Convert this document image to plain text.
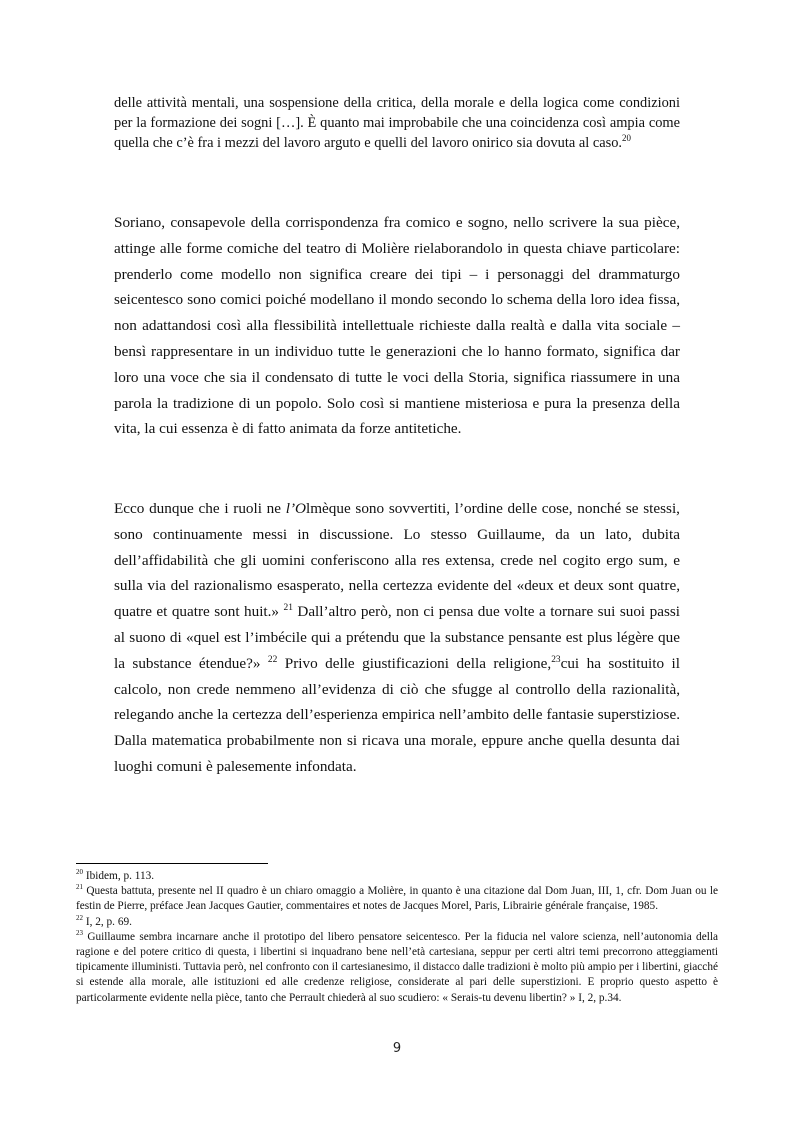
delle attività mentali, una sospensione della critica, della morale e della logica come condizioni per la formazione dei sogni […]. È quanto mai improbabile che una coincidenza così ampia come quella che c’è fra i mezzi del lavoro arguto e quelli del lavoro onirico sia dovuta al caso.$^{20}$

Soriano, consapevole della corrispondenza fra comico e sogno, nello scrivere la sua pièce, attinge alle forme comiche del teatro di Molière rielaborandolo in questa chiave particolare: prenderlo come modello non significa creare dei tipi – i personaggi del drammaturgo seicentesco sono comici poiché modellano il mondo secondo lo schema della loro idea fissa, non adattandosi così alla flessibilità intellettuale richieste dalla realtà e dalla vita sociale – bensì rappresentare in un individuo tutte le generazioni che lo hanno formato, significa dar loro una voce che sia il condensato di tutte le voci della Storia, significa riassumere in una parola la tradizione di un popolo. Solo così si mantiene misteriosa e pura la presenza della vita, la cui essenza è di fatto animata da forze antitetiche.

Ecco dunque che i ruoli ne l’Olmèque sono sovvertiti, l’ordine delle cose, nonché se stessi, sono continuamente messi in discussione. Lo stesso Guillaume, da un lato, dubita dell’affidabilità che gli uomini conferiscono alla res extensa, crede nel cogito ergo sum, e sulla via del razionalismo esasperato, nella certezza evidente del «deux et deux sont quatre, quatre et quatre sont huit.» $^{21}$ Dall’altro però, non ci pensa due volte a tornare sui suoi passi al suono di «quel est l’imbécile qui a prétendu que la substance pensante est plus légère que la substance étendue?» $^{22}$ Privo delle giustificazioni della religione,$^{23}$cui ha sostituito il calcolo, non crede nemmeno all’evidenza di ciò che sfugge al controllo della razionalità, relegando anche la certezza dell’esperienza empirica nell’ambito delle fantasie superstiziose. Dalla matematica probabilmente non si ricava una morale, eppure anche quella desunta dai luoghi comuni è palesemente infondata.

$^{20}$ Ibidem, p. 113.

$^{21}$ Questa battuta, presente nel II quadro è un chiaro omaggio a Molière, in quanto è una citazione dal Dom Juan, III, 1, cfr. Dom Juan ou le festin de Pierre, préface Jean Jacques Gautier, commentaires et notes de Jacques Morel, Paris, Librairie générale française, 1985.

$^{22}$ I, 2, p. 69.

$^{23}$ Guillaume sembra incarnare anche il prototipo del libero pensatore seicentesco. Per la fiducia nel valore scienza, nell’autonomia della ragione e del potere critico di questa, i libertini si inquadrano bene nell’età cartesiana, seppur per certi altri temi precorrono atteggiamenti tipicamente illuministi. Tuttavia però, nel confronto con il cartesianesimo, il distacco dalle tradizioni è molto più ampio per i libertini, giacché si estende alla morale, alle istituzioni ed alle credenze religiose, considerate al pari delle superstizioni. E proprio questo aspetto è particolarmente evidente nella pièce, tanto che Perrault chiederà al suo scudiero: « Serais-tu devenu libertin? » I, 2, p.34.

9
